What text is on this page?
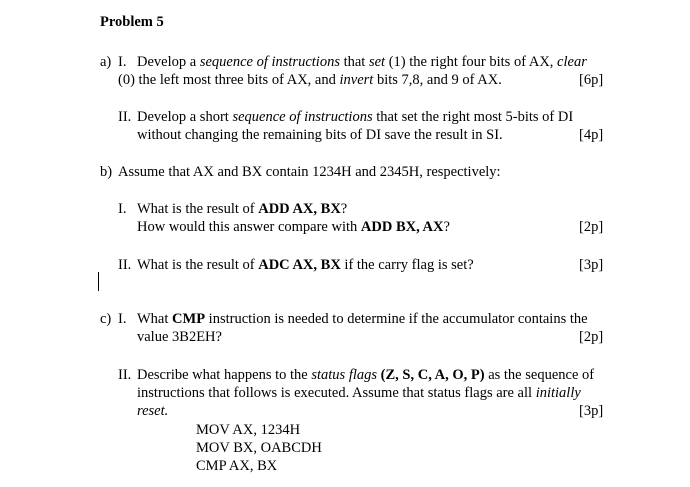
Problem 5
a) I. Develop a sequence of instructions that set (1) the right four bits of AX, clear
(0) the left most three bits of AX, and invert bits 7,8, and 9 of AX.	[6p]
II. Develop a short sequence of instructions that set the right most 5-bits of DI
without changing the remaining bits of DI save the result in SI.	[4p]
b) Assume that AX and BX contain 1234H and 2345H, respectively:
I. What is the result of ADD AX, BX?
How would this answer compare with ADD BX, AX?	[2p]
II. What is the result of ADC AX, BX if the carry flag is set?	[3p]
c) I. What CMP instruction is needed to determine if the accumulator contains the
value 3B2EH?	[2p]
II. Describe what happens to the status flags (Z, S, C, A, O, P) as the sequence of
instructions that follows is executed. Assume that status flags are all initially
reset.	[3p]
MOV AX, 1234H
MOV BX, OABCDH
CMP AX, BX
